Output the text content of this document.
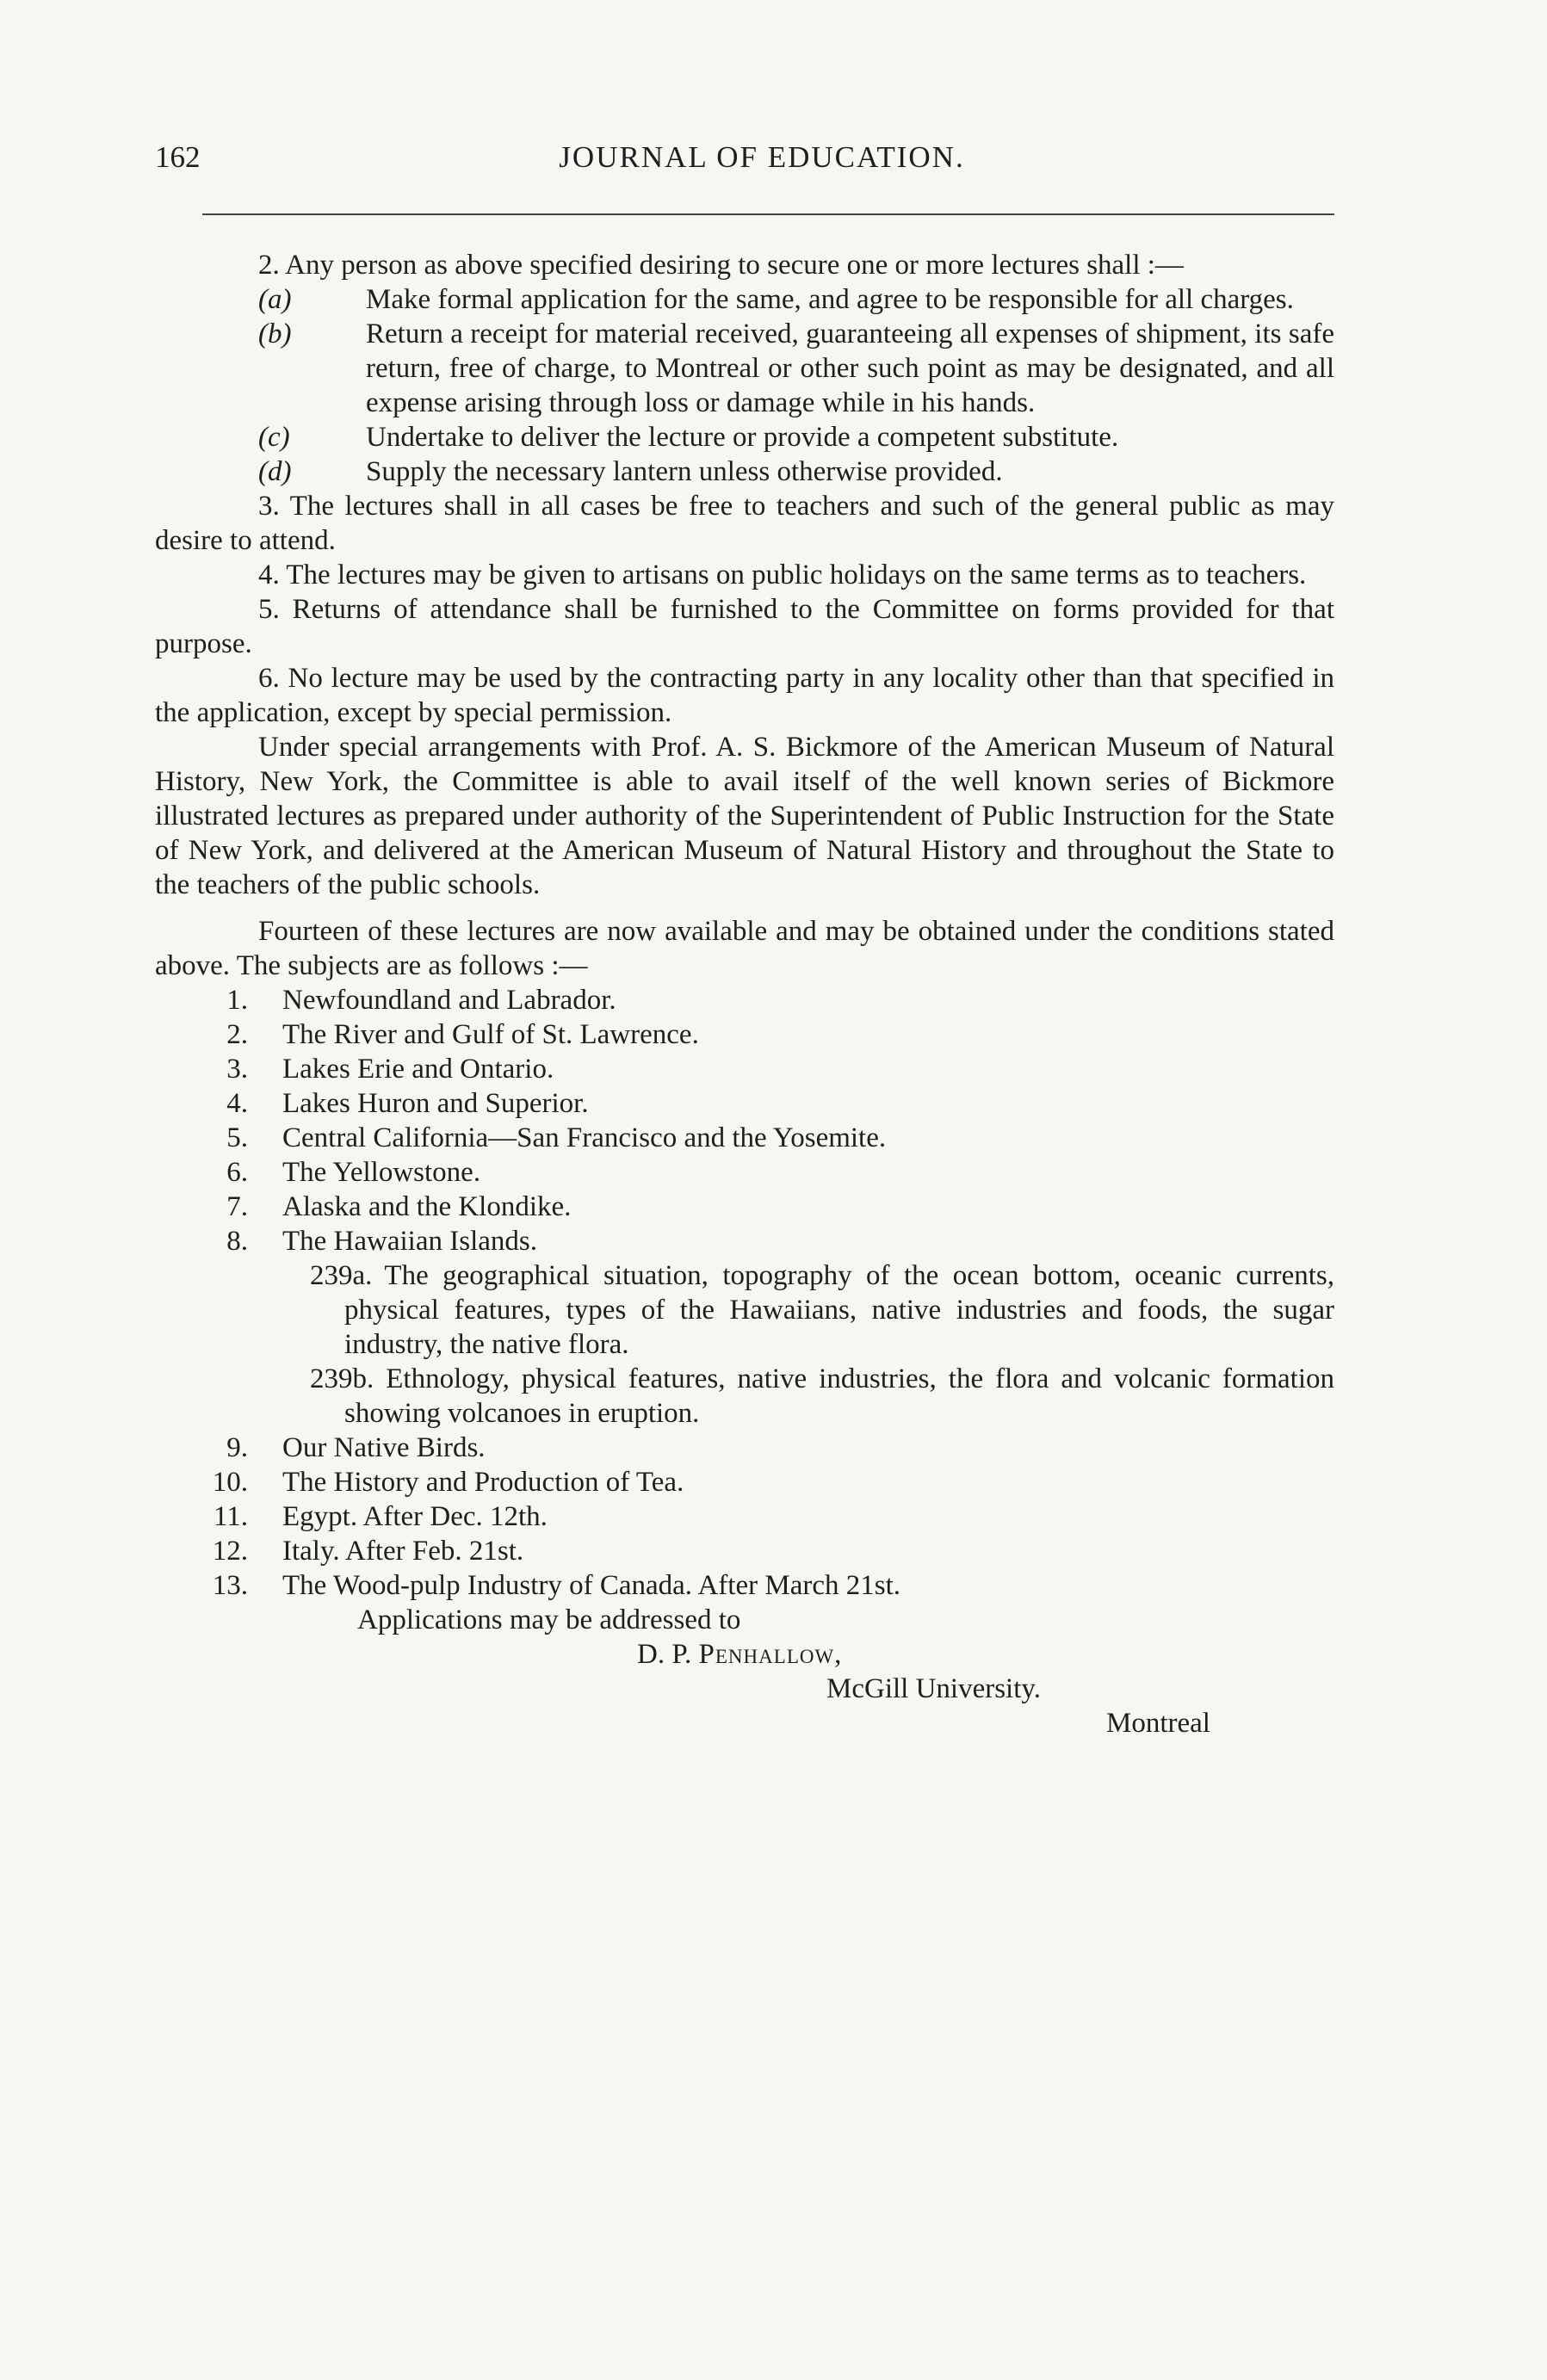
162	JOURNAL OF EDUCATION.

2. Any person as above specified desiring to secure one or more lectures shall :—

(a)	Make formal application for the same, and agree to be responsible for all charges.

(b)	Return a receipt for material received, guaranteeing all expenses of shipment, its safe return, free of charge, to Montreal or other such point as may be designated, and all expense arising through loss or damage while in his hands.

(c)	Undertake to deliver the lecture or provide a competent substitute.

(d)	Supply the necessary lantern unless otherwise provided.

3. The lectures shall in all cases be free to teachers and such of the general public as may desire to attend.

4. The lectures may be given to artisans on public holidays on the same terms as to teachers.

5. Returns of attendance shall be furnished to the Committee on forms provided for that purpose.

6. No lecture may be used by the contracting party in any locality other than that specified in the application, except by special permission.

Under special arrangements with Prof. A. S. Bickmore of the American Museum of Natural History, New York, the Committee is able to avail itself of the well known series of Bickmore illustrated lectures as prepared under authority of the Superintendent of Public Instruction for the State of New York, and delivered at the American Museum of Natural History and throughout the State to the teachers of the public schools.

Fourteen of these lectures are now available and may be obtained under the conditions stated above. The subjects are as follows :—

1. Newfoundland and Labrador.

2. The River and Gulf of St. Lawrence.

3. Lakes Erie and Ontario.

4. Lakes Huron and Superior.

5. Central California—San Francisco and the Yosemite.

6. The Yellowstone.

7. Alaska and the Klondike.

8. The Hawaiian Islands.

239a. The geographical situation, topography of the ocean bottom, oceanic currents, physical features, types of the Hawaiians, native industries and foods, the sugar industry, the native flora.

239b. Ethnology, physical features, native industries, the flora and volcanic formation showing volcanoes in eruption.

9. Our Native Birds.

10. The History and Production of Tea.

11. Egypt. After Dec. 12th.

12. Italy. After Feb. 21st.

13. The Wood-pulp Industry of Canada. After March 21st.

Applications may be addressed to

D. P. Penhallow,

McGill University.

Montreal
